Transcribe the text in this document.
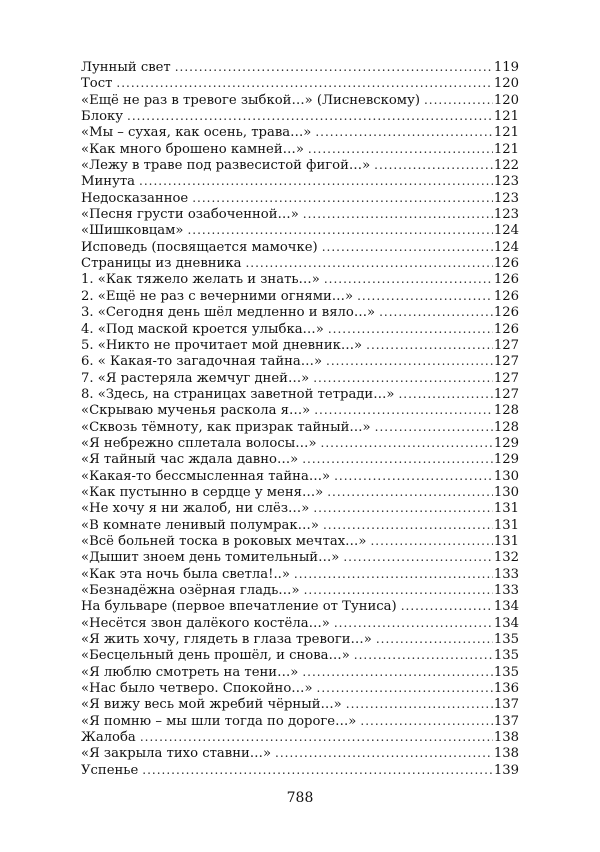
Лунный свет .....	119
Тост .....	120
«Ещё не раз в тревоге зыбкой…» (Лисневскому) .....	120
Блоку .....	121
«Мы – сухая, как осень, трава…» .....	121
«Как много брошено камней…» .....	121
«Лежу в траве под развесистой фигой…» .....	122
Минута .....	123
Недосказанное .....	123
«Песня грусти озабоченной…» .....	123
«Шишковцам» .....	124
Исповедь (посвящается мамочке) .....	124
Страницы из дневника .....	126
1. «Как тяжело желать и знать…» .....	126
2. «Ещё не раз с вечерними огнями…» .....	126
3. «Сегодня день шёл медленно и вяло…» .....	126
4. «Под маской кроется улыбка…» .....	126
5. «Никто не прочитает мой дневник…» .....	127
6. « Какая-то загадочная тайна…» .....	127
7. «Я растеряла жемчуг дней…» .....	127
8. «Здесь, на страницах заветной тетради…» .....	127
«Скрываю мученья раскола я…» .....	128
«Сквозь тёмноту, как призрак тайный…» .....	128
«Я небрежно сплетала волосы…» .....	129
«Я тайный час ждала давно…» .....	129
«Какая-то бессмысленная тайна…» .....	130
«Как пустынно в сердце у меня…» .....	130
«Не хочу я ни жалоб, ни слёз…» .....	131
«В комнате ленивый полумрак…» .....	131
«Всё больней тоска в роковых мечтах…» .....	131
«Дышит зноем день томительный…» .....	132
«Как эта ночь была светла!..» .....	133
«Безнадёжна озёрная гладь…» .....	133
На бульваре (первое впечатление от Туниса) .....	134
«Несётся звон далёкого костёла…» .....	134
«Я жить хочу, глядеть в глаза тревоги…» .....	135
«Бесцельный день прошёл, и снова…» .....	135
«Я люблю смотреть на тени…» .....	135
«Нас было четверо. Спокойно…» .....	136
«Я вижу весь мой жребий чёрный…» .....	137
«Я помню – мы шли тогда по дороге…» .....	137
Жалоба .....	138
«Я закрыла тихо ставни…» .....	138
Успенье .....	139
788
